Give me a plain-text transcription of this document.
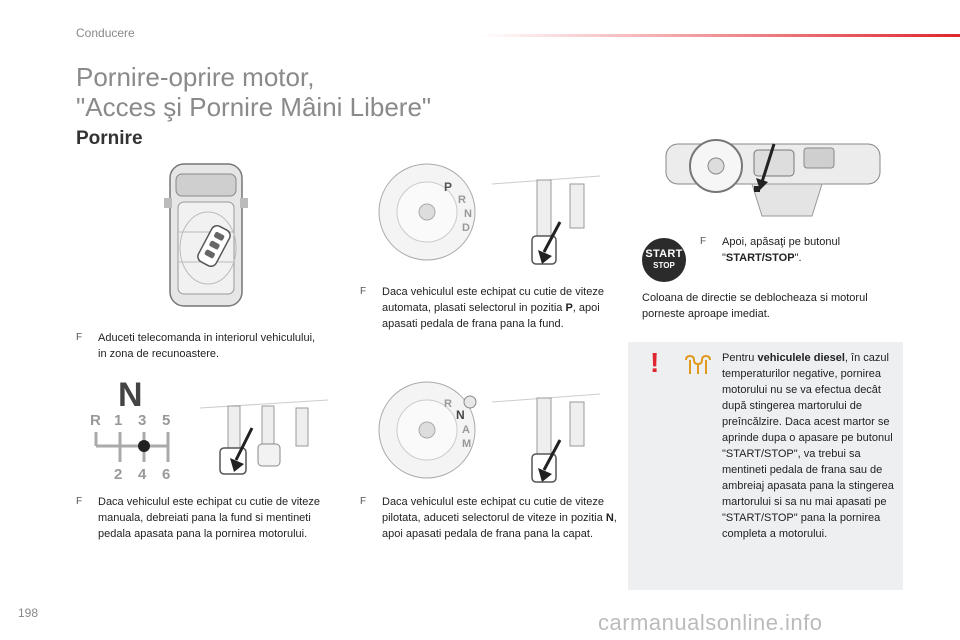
Conducere
Pornire-oprire motor,
"Acces şi Pornire Mâini Libere"
Pornire
F Aduceti telecomanda in interiorul vehiculului, in zona de recunoastere.
P
R
N
D
F Daca vehiculul este echipat cu cutie de viteze automata, plasati selectorul in pozitia P, apoi apasati pedala de frana pana la fund.
START
STOP
F Apoi, apăsaţi pe butonul "START/STOP".
Coloana de directie se deblocheaza si motorul porneste aproape imediat.
N
R 1 3 5
2 4 6
F Daca vehiculul este echipat cu cutie de viteze manuala, debreiati pana la fund si mentineti pedala apasata pana la pornirea motorului.
R
N
A
M
F Daca vehiculul este echipat cu cutie de viteze pilotata, aduceti selectorul de viteze in pozitia N, apoi apasati pedala de frana pana la capat.
!	Pentru vehiculele diesel, în cazul temperaturilor negative, pornirea motorului nu se va efectua decât după stingerea martorului de preîncălzire. Daca acest martor se aprinde dupa o apasare pe butonul "START/STOP", va trebui sa mentineti pedala de frana sau de ambreiaj apasata pana la stingerea martorului si sa nu mai apasati pe "START/STOP" pana la pornirea completa a motorului.
198	carmanualsonline.info
